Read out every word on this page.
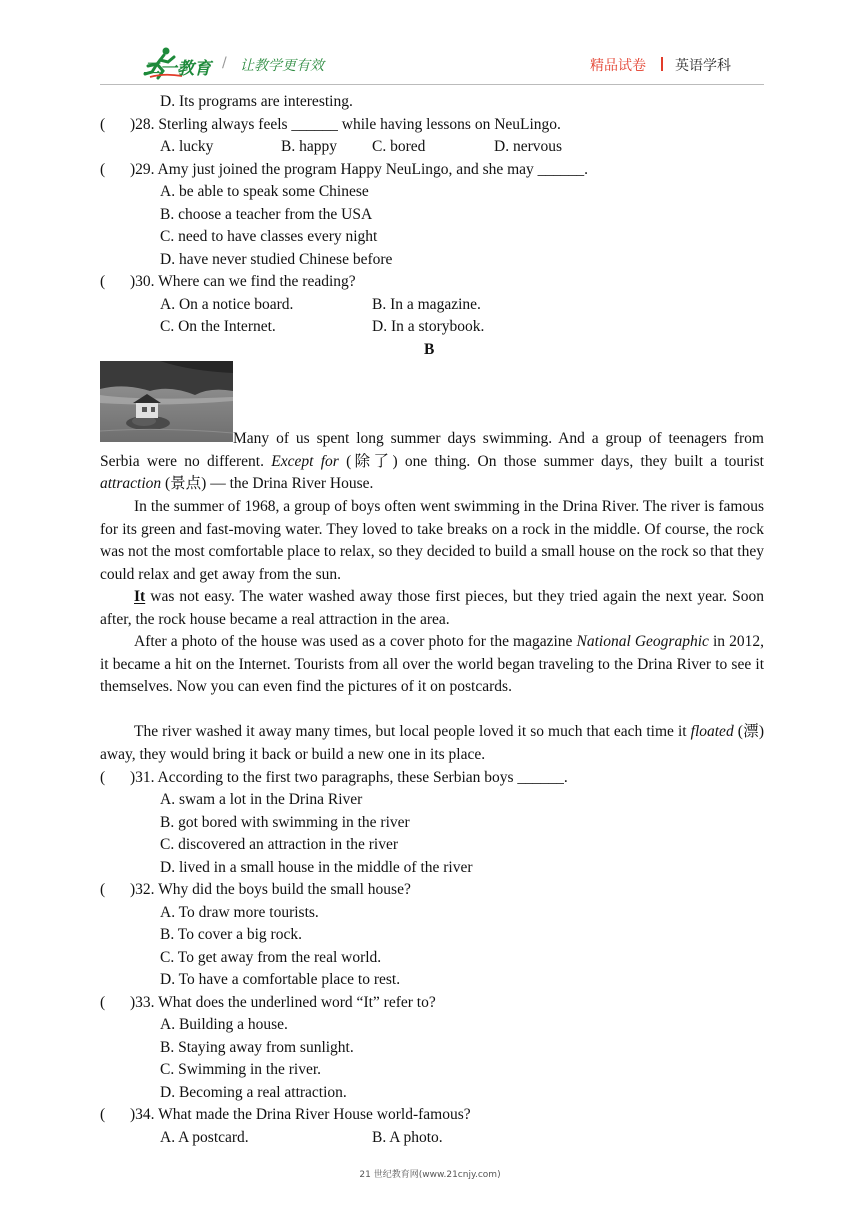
二一教育 / 让教学更有效	精品试卷 英语学科
D. Its programs are interesting.
( )28. Sterling always feels ______ while having lessons on NeuLingo.
A. lucky	B. happy C. bored	D. nervous
( )29. Amy just joined the program Happy NeuLingo, and she may ______.
A. be able to speak some Chinese
B. choose a teacher from the USA
C. need to have classes every night
D. have never studied Chinese before
( )30. Where can we find the reading?
A. On a notice board.	B. In a magazine.
C. On the Internet.	D. In a storybook.
B
Many of us spent long summer days swimming. And a group of teenagers from Serbia were no different. Except for (除了) one thing. On those summer days, they built a tourist attraction (景点) — the Drina River House.
In the summer of 1968, a group of boys often went swimming in the Drina River. The river is famous for its green and fast-moving water. They loved to take breaks on a rock in the middle. Of course, the rock was not the most comfortable place to relax, so they decided to build a small house on the rock so that they could relax and get away from the sun.
It was not easy. The water washed away those first pieces, but they tried again the next year. Soon after, the rock house became a real attraction in the area.
After a photo of the house was used as a cover photo for the magazine National Geographic in 2012, it became a hit on the Internet. Tourists from all over the world began traveling to the Drina River to see it themselves. Now you can even find the pictures of it on postcards.
The river washed it away many times, but local people loved it so much that each time it floated (漂) away, they would bring it back or build a new one in its place.
( )31. According to the first two paragraphs, these Serbian boys ______.
A. swam a lot in the Drina River
B. got bored with swimming in the river
C. discovered an attraction in the river
D. lived in a small house in the middle of the river
( )32. Why did the boys build the small house?
A. To draw more tourists.
B. To cover a big rock.
C. To get away from the real world.
D. To have a comfortable place to rest.
( )33. What does the underlined word “It” refer to?
A. Building a house.
B. Staying away from sunlight.
C. Swimming in the river.
D. Becoming a real attraction.
( )34. What made the Drina River House world-famous?
A. A postcard.	B. A photo.
21 世纪教育网(www.21cnjy.com)
